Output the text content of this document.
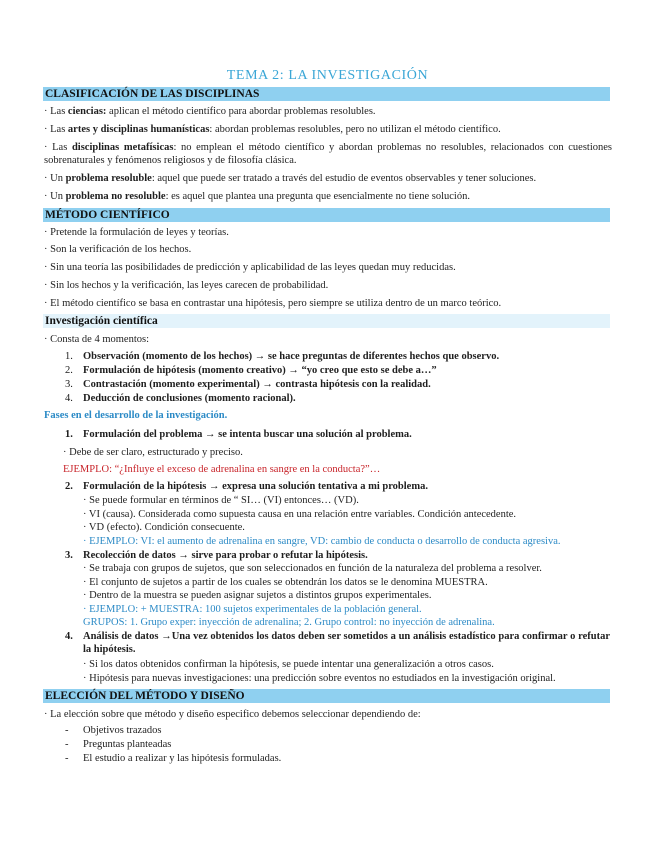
TEMA 2: LA INVESTIGACIÓN
CLASIFICACIÓN DE LAS DISCIPLINAS
· Las ciencias: aplican el método científico para abordar problemas resolubles.
· Las artes y disciplinas humanísticas: abordan problemas resolubles, pero no utilizan el método científico.
· Las disciplinas metafísicas: no emplean el método científico y abordan problemas no resolubles, relacionados con cuestiones sobrenaturales y fenómenos religiosos y de filosofía clásica.
· Un problema resoluble: aquel que puede ser tratado a través del estudio de eventos observables y tener soluciones.
· Un problema no resoluble: es aquel que plantea una pregunta que esencialmente no tiene solución.
MÉTODO CIENTÍFICO
· Pretende la formulación de leyes y teorías.
· Son la verificación de los hechos.
· Sin una teoría las posibilidades de predicción y aplicabilidad de las leyes quedan muy reducidas.
· Sin los hechos y la verificación, las leyes carecen de probabilidad.
· El método científico se basa en contrastar una hipótesis, pero siempre se utiliza dentro de un marco teórico.
Investigación científica
· Consta de 4 momentos:
1. Observación (momento de los hechos) → se hace preguntas de diferentes hechos que observo.
2. Formulación de hipótesis (momento creativo) → “yo creo que esto se debe a…”
3. Contrastación (momento experimental) → contrasta hipótesis con la realidad.
4. Deducción de conclusiones (momento racional).
Fases en el desarrollo de la investigación.
1. Formulación del problema → se intenta buscar una solución al problema.
· Debe de ser claro, estructurado y preciso.
EJEMPLO: “¿Influye el exceso de adrenalina en sangre en la conducta?”…
2. Formulación de la hipótesis → expresa una solución tentativa a mi problema.
· Se puede formular en términos de “ SI… (VI) entonces… (VD).
· VI (causa). Considerada como supuesta causa en una relación entre variables. Condición antecedente.
· VD (efecto). Condición consecuente.
· EJEMPLO: VI: el aumento de adrenalina en sangre, VD: cambio de conducta o desarrollo de conducta agresiva.
3. Recolección de datos → sirve para probar o refutar la hipótesis.
· Se trabaja con grupos de sujetos, que son seleccionados en función de la naturaleza del problema a resolver.
· El conjunto de sujetos a partir de los cuales se obtendrán los datos se le denomina MUESTRA.
· Dentro de la muestra se pueden asignar sujetos a distintos grupos experimentales.
· EJEMPLO: + MUESTRA: 100 sujetos experimentales de la población general.
GRUPOS: 1. Grupo exper: inyección de adrenalina; 2. Grupo control: no inyección de adrenalina.
4. Análisis de datos →Una vez obtenidos los datos deben ser sometidos a un análisis estadístico para confirmar o refutar la hipótesis.
· Si los datos obtenidos confirman la hipótesis, se puede intentar una generalización a otros casos.
· Hipótesis para nuevas investigaciones: una predicción sobre eventos no estudiados en la investigación original.
ELECCIÓN DEL MÉTODO Y DISEÑO
· La elección sobre que método y diseño especifico debemos seleccionar dependiendo de:
- Objetivos trazados
- Preguntas planteadas
- El estudio a realizar y las hipótesis formuladas.
